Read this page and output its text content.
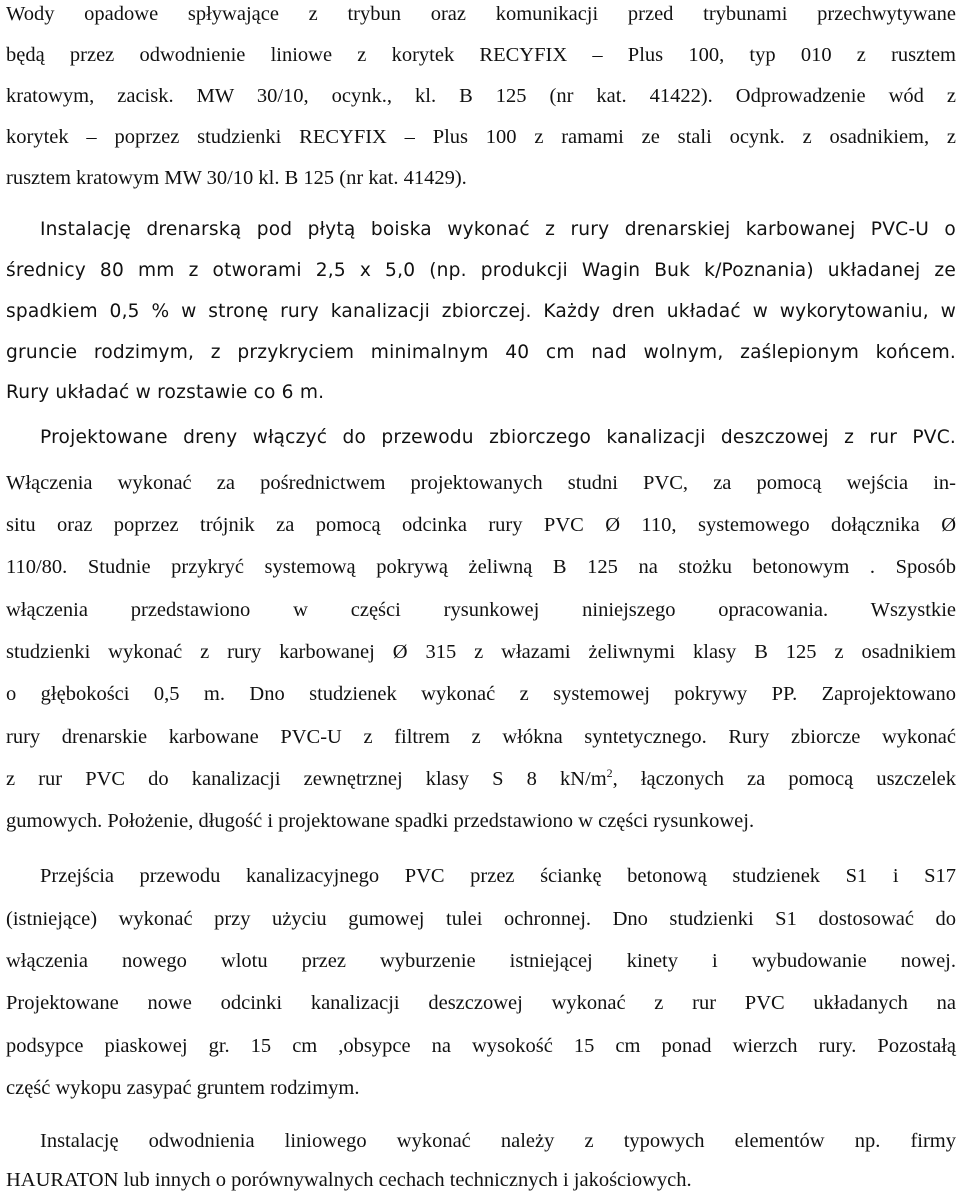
Wody opadowe spływające z trybun oraz komunikacji przed trybunami przechwytywane
będą przez odwodnienie liniowe z korytek RECYFIX – Plus 100, typ 010 z rusztem
kratowym, zacisk. MW 30/10, ocynk., kl. B 125 (nr kat. 41422). Odprowadzenie wód z
korytek – poprzez studzienki RECYFIX – Plus 100 z ramami ze stali ocynk. z osadnikiem, z
rusztem kratowym MW 30/10 kl. B 125 (nr kat. 41429).
Instalację drenarską pod płytą boiska wykonać z rury drenarskiej karbowanej PVC-U o
średnicy 80 mm z otworami 2,5 x 5,0 (np. produkcji Wagin Buk k/Poznania) układanej ze
spadkiem 0,5 % w stronę rury kanalizacji zbiorczej. Każdy dren układać w wykorytowaniu, w
gruncie rodzimym, z przykryciem minimalnym 40 cm nad wolnym, zaślepionym końcem.
Rury układać w rozstawie co 6 m.
Projektowane dreny włączyć do przewodu zbiorczego kanalizacji deszczowej z rur PVC.
Włączenia wykonać za pośrednictwem projektowanych studni PVC, za pomocą wejścia in-
situ oraz poprzez trójnik za pomocą odcinka rury PVC Ø 110, systemowego dołącznika Ø
110/80. Studnie przykryć systemową pokrywą żeliwną B 125 na stożku betonowym . Sposób
włączenia przedstawiono w części rysunkowej niniejszego opracowania. Wszystkie
studzienki wykonać z rury karbowanej Ø 315 z włazami żeliwnymi klasy B 125 z osadnikiem
o głębokości 0,5 m. Dno studzienek wykonać z systemowej pokrywy PP. Zaprojektowano
rury drenarskie karbowane PVC-U z filtrem z włókna syntetycznego. Rury zbiorcze wykonać
z rur PVC do kanalizacji zewnętrznej klasy S 8 $kN/m^2$, łączonych za pomocą uszczelek
gumowych. Położenie, długość i projektowane spadki przedstawiono w części rysunkowej.
Przejścia przewodu kanalizacyjnego PVC przez ściankę betonową studzienek S1 i S17
(istniejące) wykonać przy użyciu gumowej tulei ochronnej. Dno studzienki S1 dostosować do
włączenia nowego wlotu przez wyburzenie istniejącej kinety i wybudowanie nowej.
Projektowane nowe odcinki kanalizacji deszczowej wykonać z rur PVC układanych na
podsypce piaskowej gr. 15 cm ,obsypce na wysokość 15 cm ponad wierzch rury. Pozostałą
część wykopu zasypać gruntem rodzimym.
Instalację odwodnienia liniowego wykonać należy z typowych elementów np. firmy
HAURATON lub innych o porównywalnych cechach technicznych i jakościowych.
